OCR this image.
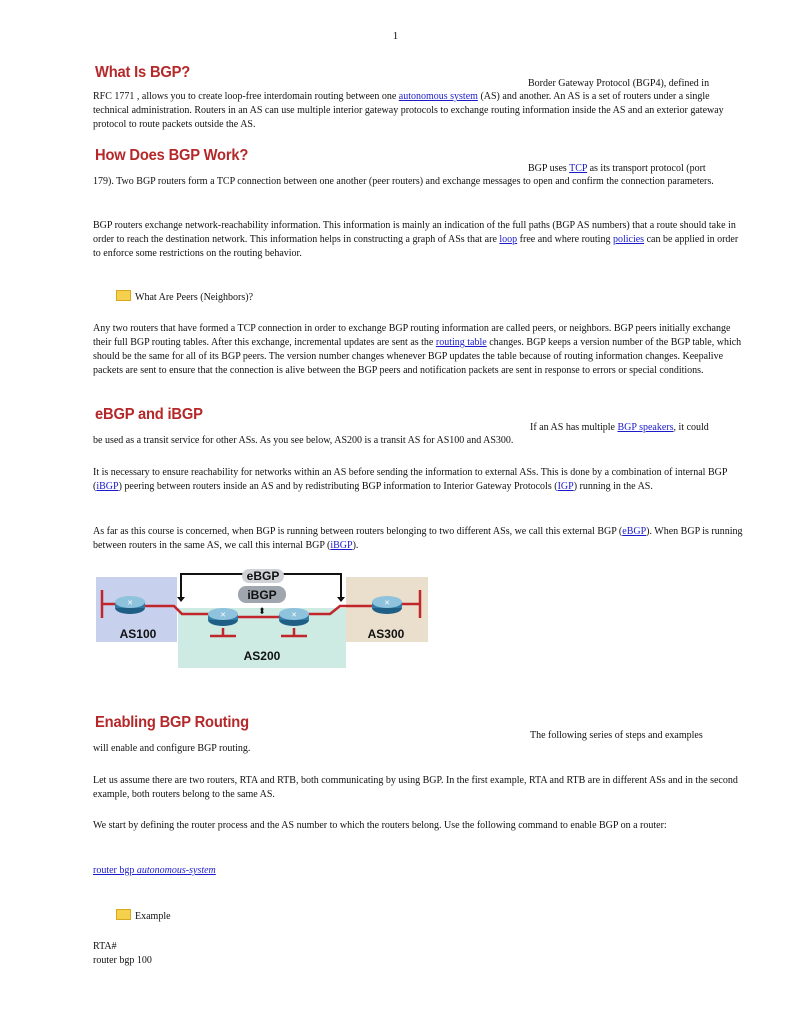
1
What Is BGP?
Border Gateway Protocol (BGP4), defined in
RFC 1771 , allows you to create loop-free interdomain routing between one autonomous system (AS) and another. An AS is a set of routers under a single technical administration. Routers in an AS can use multiple interior gateway protocols to exchange routing information inside the AS and an exterior gateway protocol to route packets outside the AS.
How Does BGP Work?
BGP uses TCP as its transport protocol (port
179). Two BGP routers form a TCP connection between one another (peer routers) and exchange messages to open and confirm the connection parameters.
BGP routers exchange network-reachability information. This information is mainly an indication of the full paths (BGP AS numbers) that a route should take in order to reach the destination network. This information helps in constructing a graph of ASs that are loop free and where routing policies can be applied in order to enforce some restrictions on the routing behavior.
What Are Peers (Neighbors)?
Any two routers that have formed a TCP connection in order to exchange BGP routing information are called peers, or neighbors. BGP peers initially exchange their full BGP routing tables. After this exchange, incremental updates are sent as the routing table changes. BGP keeps a version number of the BGP table, which should be the same for all of its BGP peers. The version number changes whenever BGP updates the table because of routing information changes. Keepalive packets are sent to ensure that the connection is alive between the BGP peers and notification packets are sent in response to errors or special conditions.
eBGP and iBGP
If an AS has multiple BGP speakers, it could
be used as a transit service for other ASs. As you see below, AS200 is a transit AS for AS100 and AS300.
It is necessary to ensure reachability for networks within an AS before sending the information to external ASs. This is done by a combination of internal BGP (iBGP) peering between routers inside an AS and by redistributing BGP information to Interior Gateway Protocols (IGP) running in the AS.
As far as this course is concerned, when BGP is running between routers belonging to two different ASs, we call this external BGP (eBGP). When BGP is running between routers in the same AS, we call this internal BGP (iBGP).
eBGP
iBGP
⬍
✕
✕	✕
✕
AS100
AS200
AS300
Enabling BGP Routing
The following series of steps and examples
will enable and configure BGP routing.
Let us assume there are two routers, RTA and RTB, both communicating by using BGP. In the first example, RTA and RTB are in different ASs and in the second example, both routers belong to the same AS.
We start by defining the router process and the AS number to which the routers belong. Use the following command to enable BGP on a router:
router bgp autonomous-system
Example
RTA#
router bgp 100
